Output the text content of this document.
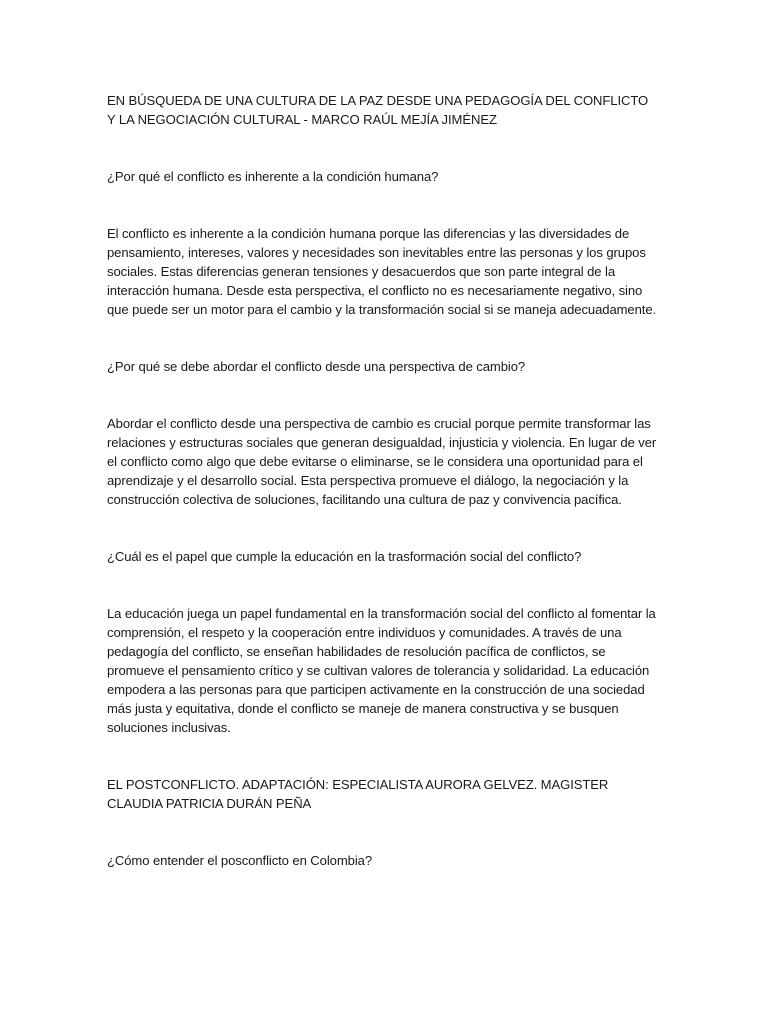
EN BÚSQUEDA DE UNA CULTURA DE LA PAZ DESDE UNA PEDAGOGÍA DEL CONFLICTO Y LA NEGOCIACIÓN CULTURAL - MARCO RAÚL MEJÍA JIMÉNEZ

¿Por qué el conflicto es inherente a la condición humana?

El conflicto es inherente a la condición humana porque las diferencias y las diversidades de pensamiento, intereses, valores y necesidades son inevitables entre las personas y los grupos sociales. Estas diferencias generan tensiones y desacuerdos que son parte integral de la interacción humana. Desde esta perspectiva, el conflicto no es necesariamente negativo, sino que puede ser un motor para el cambio y la transformación social si se maneja adecuadamente.

¿Por qué se debe abordar el conflicto desde una perspectiva de cambio?

Abordar el conflicto desde una perspectiva de cambio es crucial porque permite transformar las relaciones y estructuras sociales que generan desigualdad, injusticia y violencia. En lugar de ver el conflicto como algo que debe evitarse o eliminarse, se le considera una oportunidad para el aprendizaje y el desarrollo social. Esta perspectiva promueve el diálogo, la negociación y la construcción colectiva de soluciones, facilitando una cultura de paz y convivencia pacífica.

¿Cuál es el papel que cumple la educación en la trasformación social del conflicto?

La educación juega un papel fundamental en la transformación social del conflicto al fomentar la comprensión, el respeto y la cooperación entre individuos y comunidades. A través de una pedagogía del conflicto, se enseñan habilidades de resolución pacífica de conflictos, se promueve el pensamiento crítico y se cultivan valores de tolerancia y solidaridad. La educación empodera a las personas para que participen activamente en la construcción de una sociedad más justa y equitativa, donde el conflicto se maneje de manera constructiva y se busquen soluciones inclusivas.

EL POSTCONFLICTO. ADAPTACIÓN: ESPECIALISTA AURORA GELVEZ. MAGISTER CLAUDIA PATRICIA DURÁN PEÑA

¿Cómo entender el posconflicto en Colombia?
